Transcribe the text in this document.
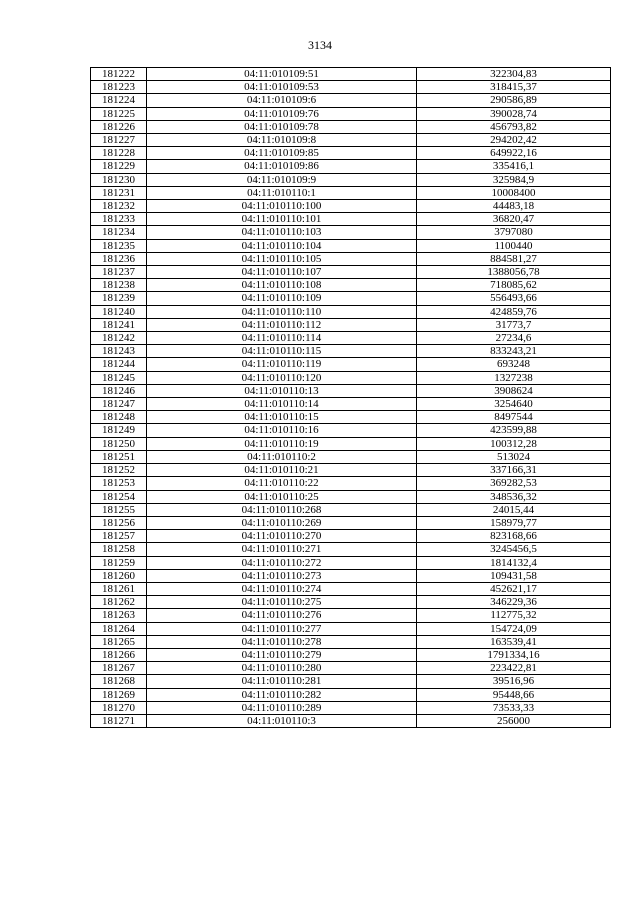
3134
181222	04:11:010109:51	322304,83
181223	04:11:010109:53	318415,37
181224	04:11:010109:6	290586,89
181225	04:11:010109:76	390028,74
181226	04:11:010109:78	456793,82
181227	04:11:010109:8	294202,42
181228	04:11:010109:85	649922,16
181229	04:11:010109:86	335416,1
181230	04:11:010109:9	325984,9
181231	04:11:010110:1	10008400
181232	04:11:010110:100	44483,18
181233	04:11:010110:101	36820,47
181234	04:11:010110:103	3797080
181235	04:11:010110:104	1100440
181236	04:11:010110:105	884581,27
181237	04:11:010110:107	1388056,78
181238	04:11:010110:108	718085,62
181239	04:11:010110:109	556493,66
181240	04:11:010110:110	424859,76
181241	04:11:010110:112	31773,7
181242	04:11:010110:114	27234,6
181243	04:11:010110:115	833243,21
181244	04:11:010110:119	693248
181245	04:11:010110:120	1327238
181246	04:11:010110:13	3908624
181247	04:11:010110:14	3254640
181248	04:11:010110:15	8497544
181249	04:11:010110:16	423599,88
181250	04:11:010110:19	100312,28
181251	04:11:010110:2	513024
181252	04:11:010110:21	337166,31
181253	04:11:010110:22	369282,53
181254	04:11:010110:25	348536,32
181255	04:11:010110:268	24015,44
181256	04:11:010110:269	158979,77
181257	04:11:010110:270	823168,66
181258	04:11:010110:271	3245456,5
181259	04:11:010110:272	1814132,4
181260	04:11:010110:273	109431,58
181261	04:11:010110:274	452621,17
181262	04:11:010110:275	346229,36
181263	04:11:010110:276	112775,32
181264	04:11:010110:277	154724,09
181265	04:11:010110:278	163539,41
181266	04:11:010110:279	1791334,16
181267	04:11:010110:280	223422,81
181268	04:11:010110:281	39516,96
181269	04:11:010110:282	95448,66
181270	04:11:010110:289	73533,33
181271	04:11:010110:3	256000
